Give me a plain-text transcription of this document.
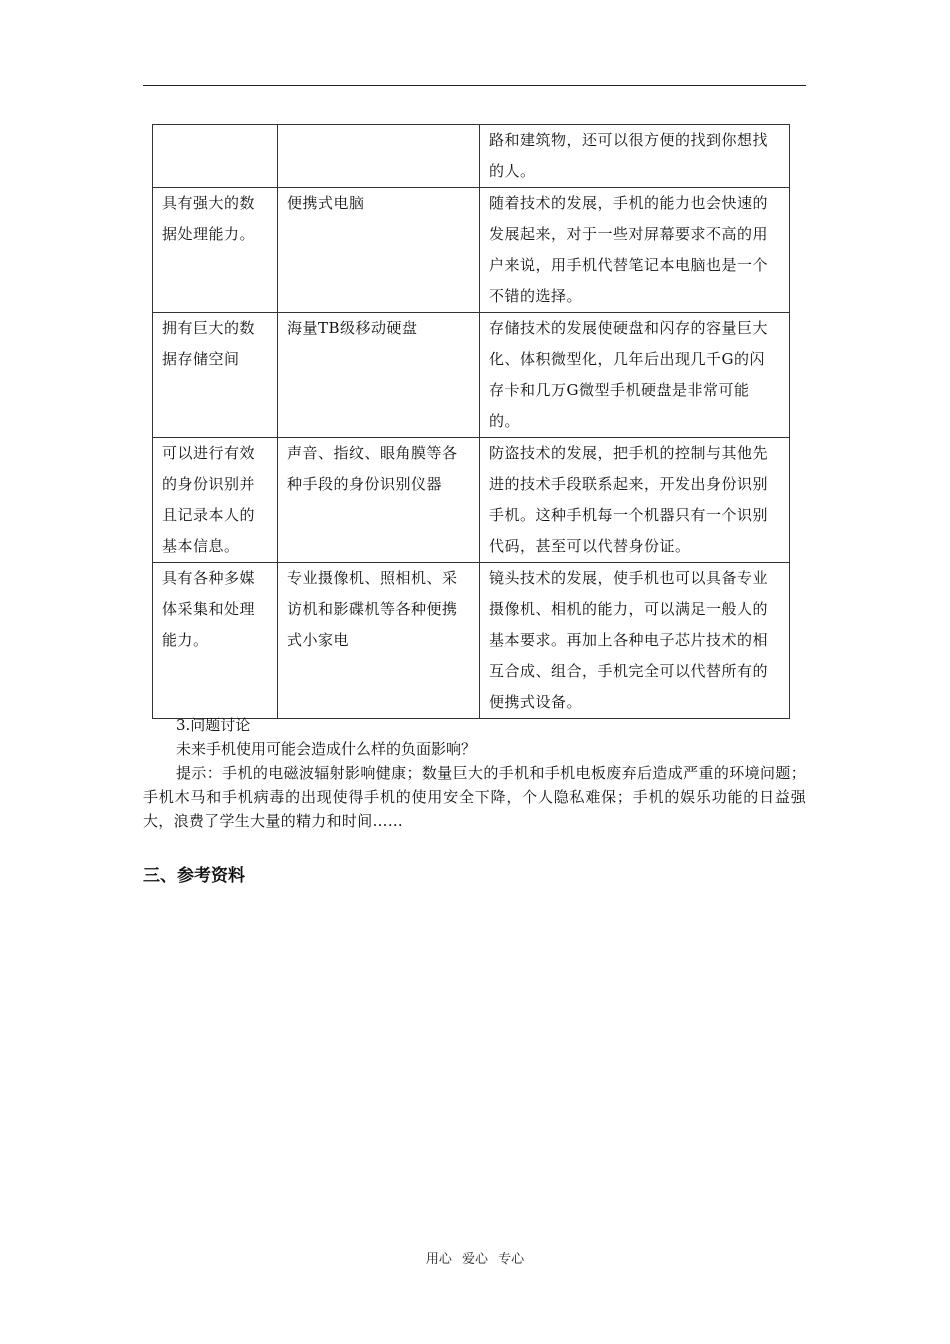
		路和建筑物，还可以很方便的找到你想找的人。
具有强大的数据处理能力。	便携式电脑	随着技术的发展，手机的能力也会快速的发展起来，对于一些对屏幕要求不高的用户来说，用手机代替笔记本电脑也是一个不错的选择。
拥有巨大的数据存储空间	海量TB级移动硬盘	存储技术的发展使硬盘和闪存的容量巨大化、体积微型化，几年后出现几千G的闪存卡和几万G微型手机硬盘是非常可能的。
可以进行有效的身份识别并且记录本人的基本信息。	声音、指纹、眼角膜等各种手段的身份识别仪器	防盗技术的发展，把手机的控制与其他先进的技术手段联系起来，开发出身份识别手机。这种手机每一个机器只有一个识别代码，甚至可以代替身份证。
具有各种多媒体采集和处理能力。	专业摄像机、照相机、采访机和影碟机等各种便携式小家电	镜头技术的发展，使手机也可以具备专业摄像机、相机的能力，可以满足一般人的基本要求。再加上各种电子芯片技术的相互合成、组合，手机完全可以代替所有的便携式设备。
3.问题讨论
未来手机使用可能会造成什么样的负面影响？
提示：手机的电磁波辐射影响健康；数量巨大的手机和手机电板废弃后造成严重的环境问题；手机木马和手机病毒的出现使得手机的使用安全下降，个人隐私难保；手机的娱乐功能的日益强大，浪费了学生大量的精力和时间……
三、参考资料
用心 爱心 专心
